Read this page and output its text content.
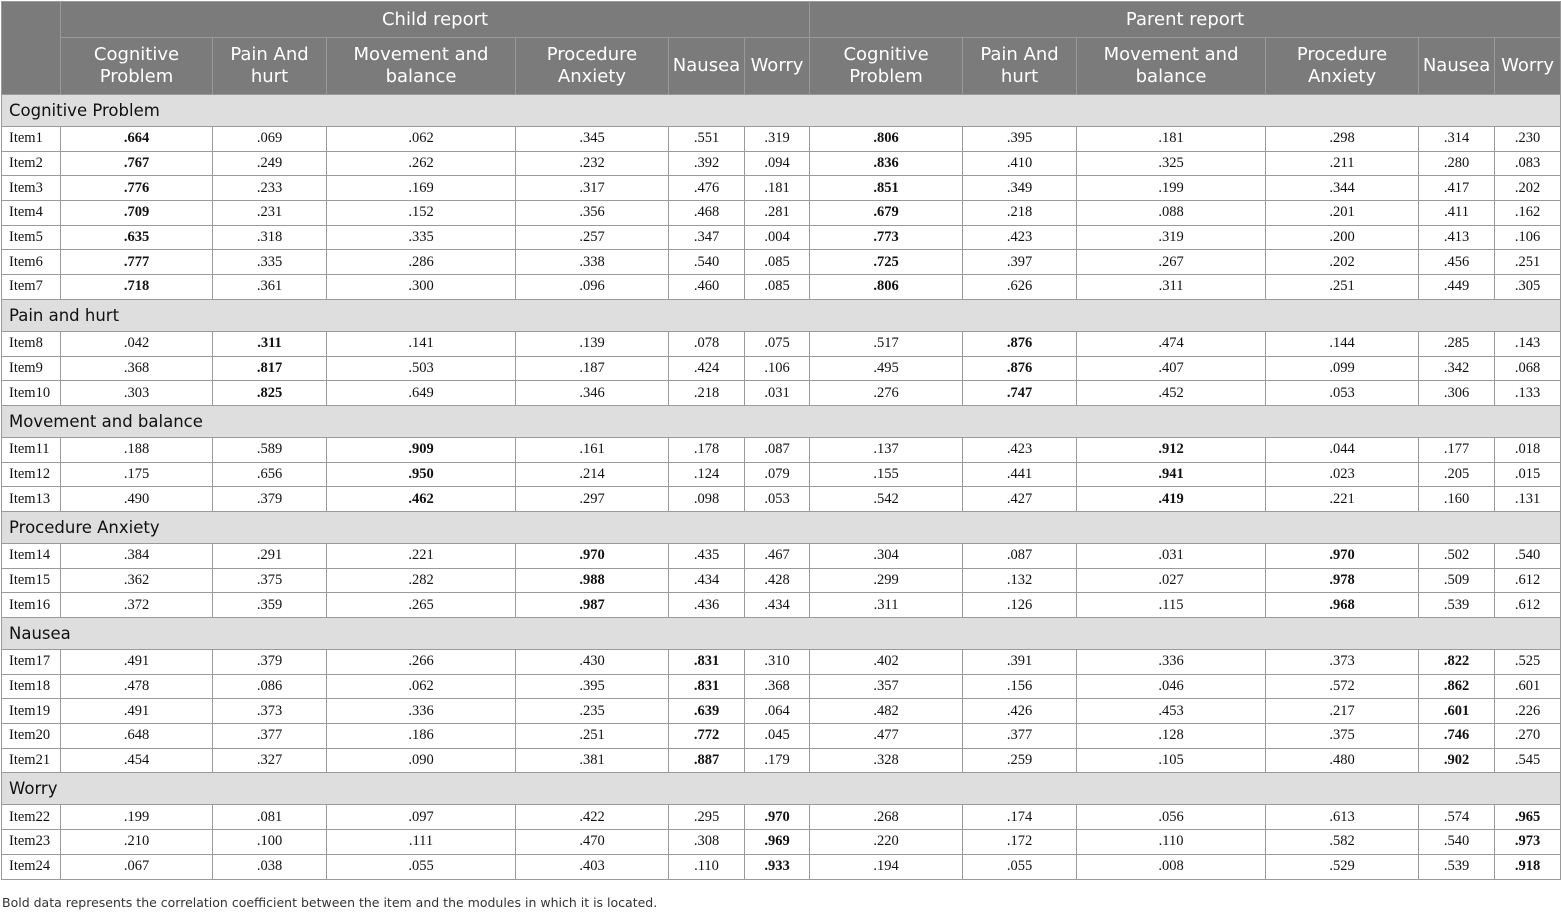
	Child report						Parent report					
	Cognitive Problem	Pain And hurt	Movement and balance	Procedure Anxiety	Nausea	Worry	Cognitive Problem	Pain And hurt	Movement and balance	Procedure Anxiety	Nausea	Worry
Cognitive Problem												
Item1	.664	.069	.062	.345	.551	.319	.806	.395	.181	.298	.314	.230
Item2	.767	.249	.262	.232	.392	.094	.836	.410	.325	.211	.280	.083
Item3	.776	.233	.169	.317	.476	.181	.851	.349	.199	.344	.417	.202
Item4	.709	.231	.152	.356	.468	.281	.679	.218	.088	.201	.411	.162
Item5	.635	.318	.335	.257	.347	.004	.773	.423	.319	.200	.413	.106
Item6	.777	.335	.286	.338	.540	.085	.725	.397	.267	.202	.456	.251
Item7	.718	.361	.300	.096	.460	.085	.806	.626	.311	.251	.449	.305
Pain and hurt												
Item8	.042	.311	.141	.139	.078	.075	.517	.876	.474	.144	.285	.143
Item9	.368	.817	.503	.187	.424	.106	.495	.876	.407	.099	.342	.068
Item10	.303	.825	.649	.346	.218	.031	.276	.747	.452	.053	.306	.133
Movement and balance												
Item11	.188	.589	.909	.161	.178	.087	.137	.423	.912	.044	.177	.018
Item12	.175	.656	.950	.214	.124	.079	.155	.441	.941	.023	.205	.015
Item13	.490	.379	.462	.297	.098	.053	.542	.427	.419	.221	.160	.131
Procedure Anxiety												
Item14	.384	.291	.221	.970	.435	.467	.304	.087	.031	.970	.502	.540
Item15	.362	.375	.282	.988	.434	.428	.299	.132	.027	.978	.509	.612
Item16	.372	.359	.265	.987	.436	.434	.311	.126	.115	.968	.539	.612
Nausea												
Item17	.491	.379	.266	.430	.831	.310	.402	.391	.336	.373	.822	.525
Item18	.478	.086	.062	.395	.831	.368	.357	.156	.046	.572	.862	.601
Item19	.491	.373	.336	.235	.639	.064	.482	.426	.453	.217	.601	.226
Item20	.648	.377	.186	.251	.772	.045	.477	.377	.128	.375	.746	.270
Item21	.454	.327	.090	.381	.887	.179	.328	.259	.105	.480	.902	.545
Worry												
Item22	.199	.081	.097	.422	.295	.970	.268	.174	.056	.613	.574	.965
Item23	.210	.100	.111	.470	.308	.969	.220	.172	.110	.582	.540	.973
Item24	.067	.038	.055	.403	.110	.933	.194	.055	.008	.529	.539	.918
Bold data represents the correlation coefficient between the item and the modules in which it is located.
